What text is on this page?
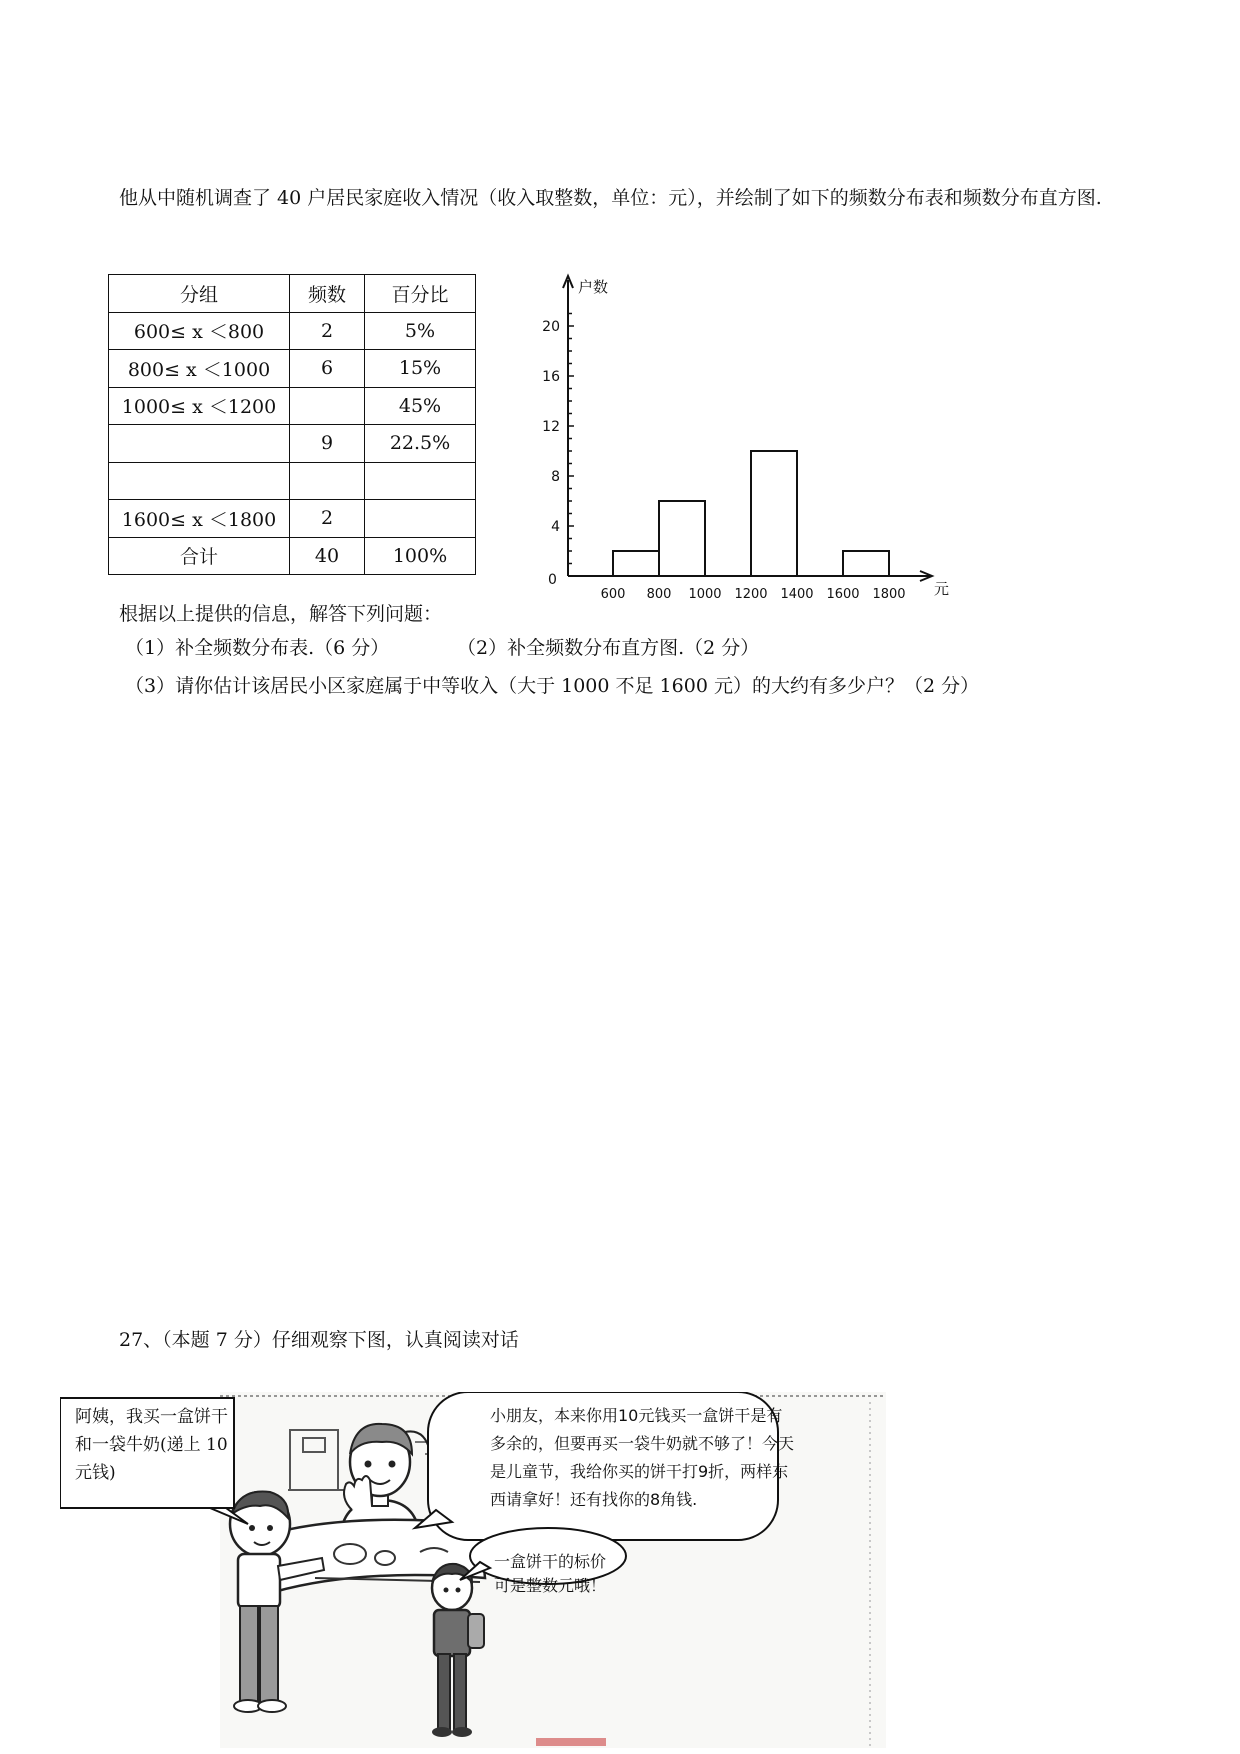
他从中随机调查了 40 户居民家庭收入情况（收入取整数，单位：元），并绘制了如下的频数分布表和频数分布直方图.
分组	频数	百分比
600≤ x ＜800	2	5%
800≤ x ＜1000	6	15%
1000≤ x ＜1200		45%
	9	22.5%

1600≤ x ＜1800	2	
合计	40	100%
户数
元
0
4
8
12
16
20
600 800 1000 1200 1400 1600 1800
根据以上提供的信息，解答下列问题：
（1）补全频数分布表.（6 分）	（2）补全频数分布直方图.（2 分）
（3）请你估计该居民小区家庭属于中等收入（大于 1000 不足 1600 元）的大约有多少户？（2 分）
27、（本题 7 分）仔细观察下图，认真阅读对话
阿姨，我买一盒饼干
和一袋牛奶(递上 10
元钱)
小朋友，本来你用10元钱买一盒饼干是有
多余的，但要再买一袋牛奶就不够了！今天
是儿童节，我给你买的饼干打9折，两样东
西请拿好！还有找你的8角钱.
一盒饼干的标价
可是整数元哦！
